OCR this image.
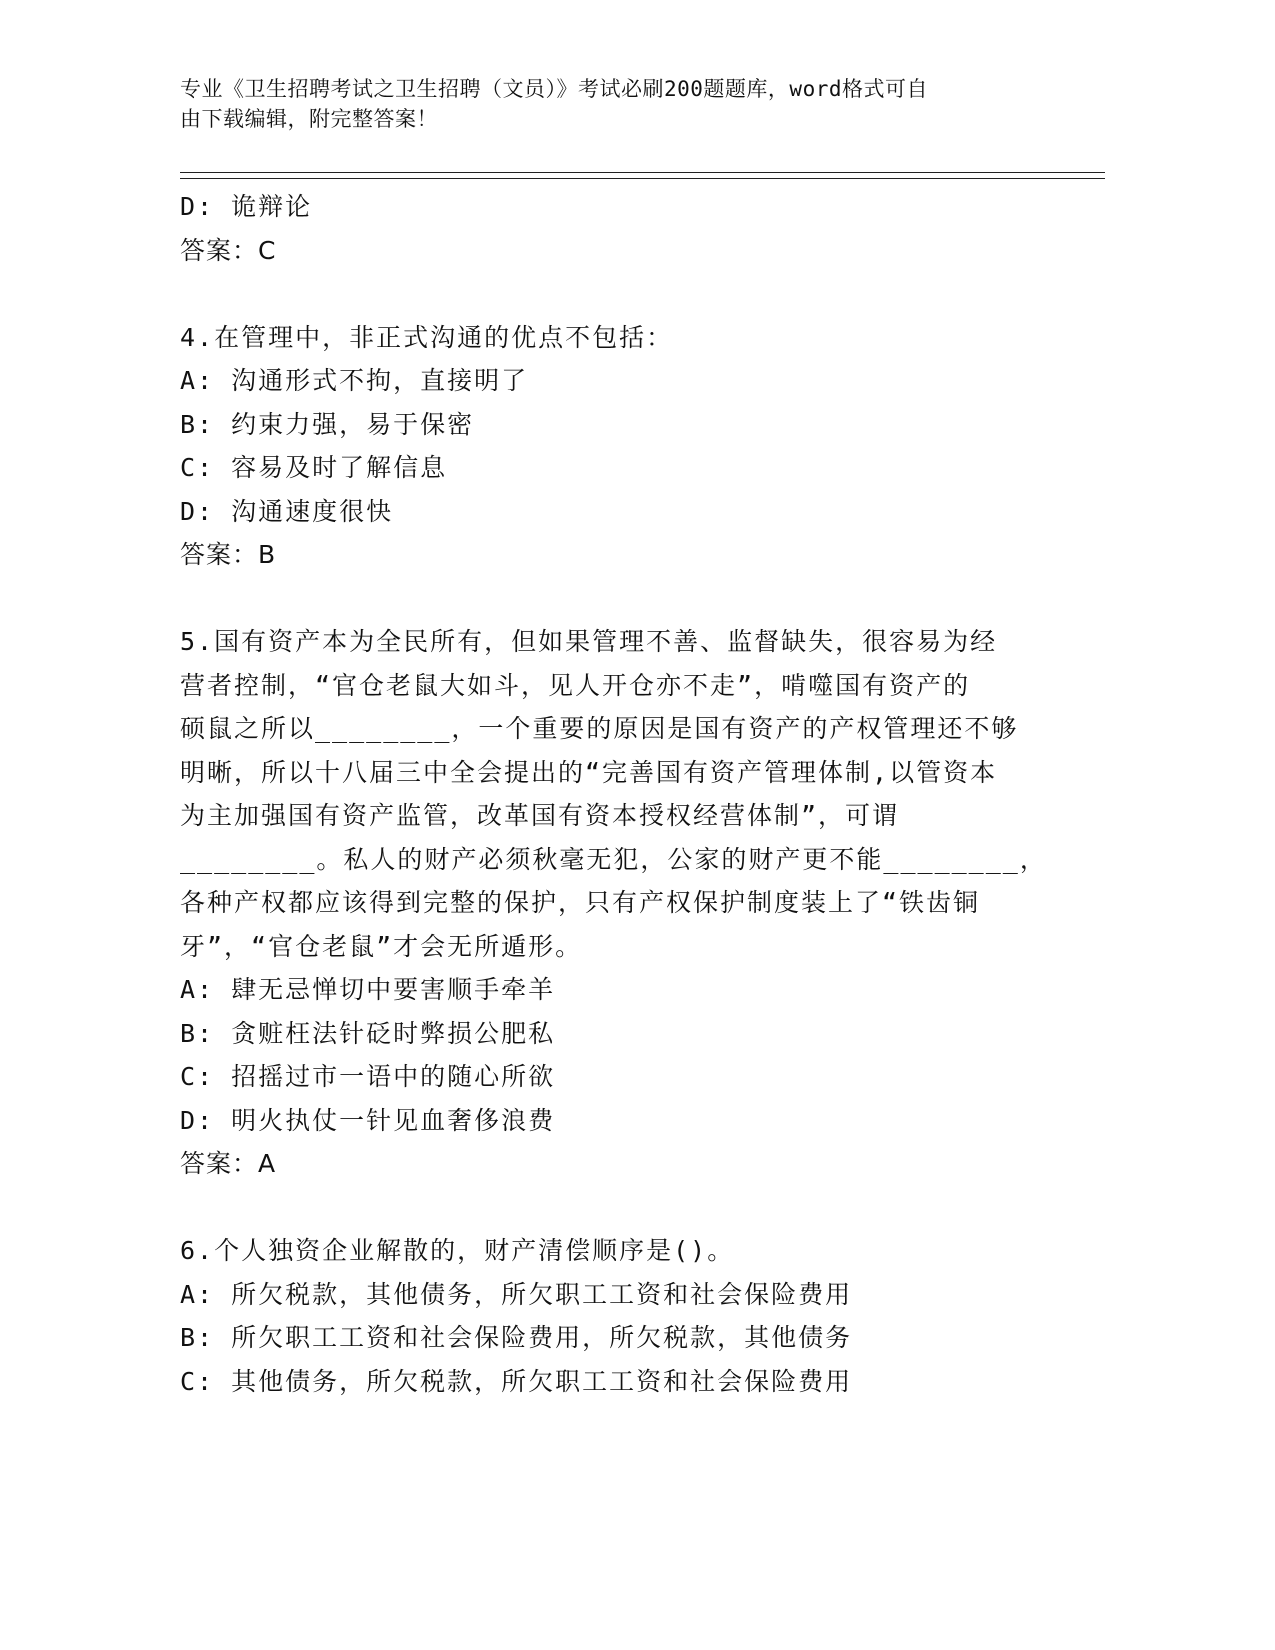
专业《卫生招聘考试之卫生招聘（文员）》考试必刷200题题库，word格式可自
由下载编辑，附完整答案！
D: 诡辩论
答案：C
4.在管理中，非正式沟通的优点不包括：
A: 沟通形式不拘，直接明了
B: 约束力强，易于保密
C: 容易及时了解信息
D: 沟通速度很快
答案：B
5.国有资产本为全民所有，但如果管理不善、监督缺失，很容易为经
营者控制，“官仓老鼠大如斗，见人开仓亦不走”，啃噬国有资产的
硕鼠之所以________，一个重要的原因是国有资产的产权管理还不够
明晰，所以十八届三中全会提出的“完善国有资产管理体制,以管资本
为主加强国有资产监管，改革国有资本授权经营体制”，可谓
________。私人的财产必须秋毫无犯，公家的财产更不能________，
各种产权都应该得到完整的保护，只有产权保护制度装上了“铁齿铜
牙”，“官仓老鼠”才会无所遁形。
A: 肆无忌惮切中要害顺手牵羊
B: 贪赃枉法针砭时弊损公肥私
C: 招摇过市一语中的随心所欲
D: 明火执仗一针见血奢侈浪费
答案：A
6.个人独资企业解散的，财产清偿顺序是()。
A: 所欠税款，其他债务，所欠职工工资和社会保险费用
B: 所欠职工工资和社会保险费用，所欠税款，其他债务
C: 其他债务，所欠税款，所欠职工工资和社会保险费用
